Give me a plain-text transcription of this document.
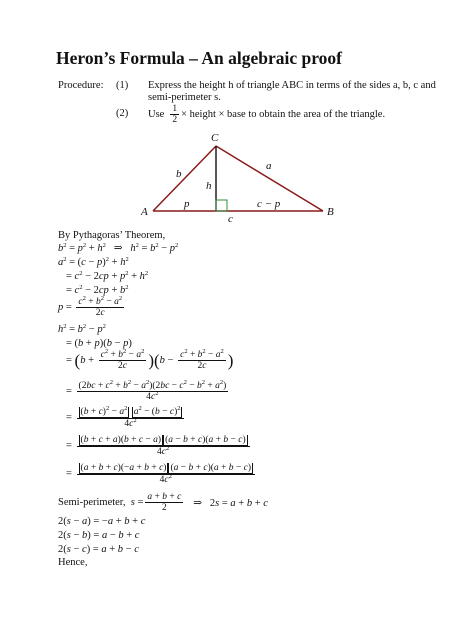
Heron’s Formula – An algebraic proof
Procedure: (1) Express the height h of triangle ABC in terms of the sides a, b, c and
semi-perimeter s.
(2) Use $\frac{1}{2}$ × height × base to obtain the area of the triangle.
C
A	B
a
b
h
p	c − p
c
By Pythagoras’ Theorem,
$b^2 = p^2 + h^2$   ⇒   $h^2 = b^2 - p^2$
$a^2 = (c - p)^2 + h^2$
= $c^2 - 2cp + p^2 + h^2$
= $c^2 - 2cp + b^2$
$p = \frac{c^2 + b^2 - a^2}{2c}$
$h^2 = b^2 - p^2$
= (b + p)(b − p)
= $(b + \frac{c^2 + b^2 - a^2}{2c} )(b - \frac{c^2 + b^2 - a^2}{2c}$ )
= $\frac{(2bc + c^2 + b^2 - a^2)(2bc - c^2 - b^2 + a^2)}{4c^2}$
= $\frac{(b + c)^2 - a^2 a^2 - (b - c)^2}{4c^2}$
= $\frac{(b + c + a)(b + c - a) (a - b + c)(a + b - c)}{4c^2}$
= $\frac{(a + b + c)(-a + b + c) (a - b + c)(a + b - c)}{4c^2}$
Semi-perimeter, $s = \frac{a + b + c}{2}$ ⇒   2s = a + b + c
2(s − a) = −a + b + c
2(s − b) = a − b + c
2(s − c) = a + b − c
Hence,
